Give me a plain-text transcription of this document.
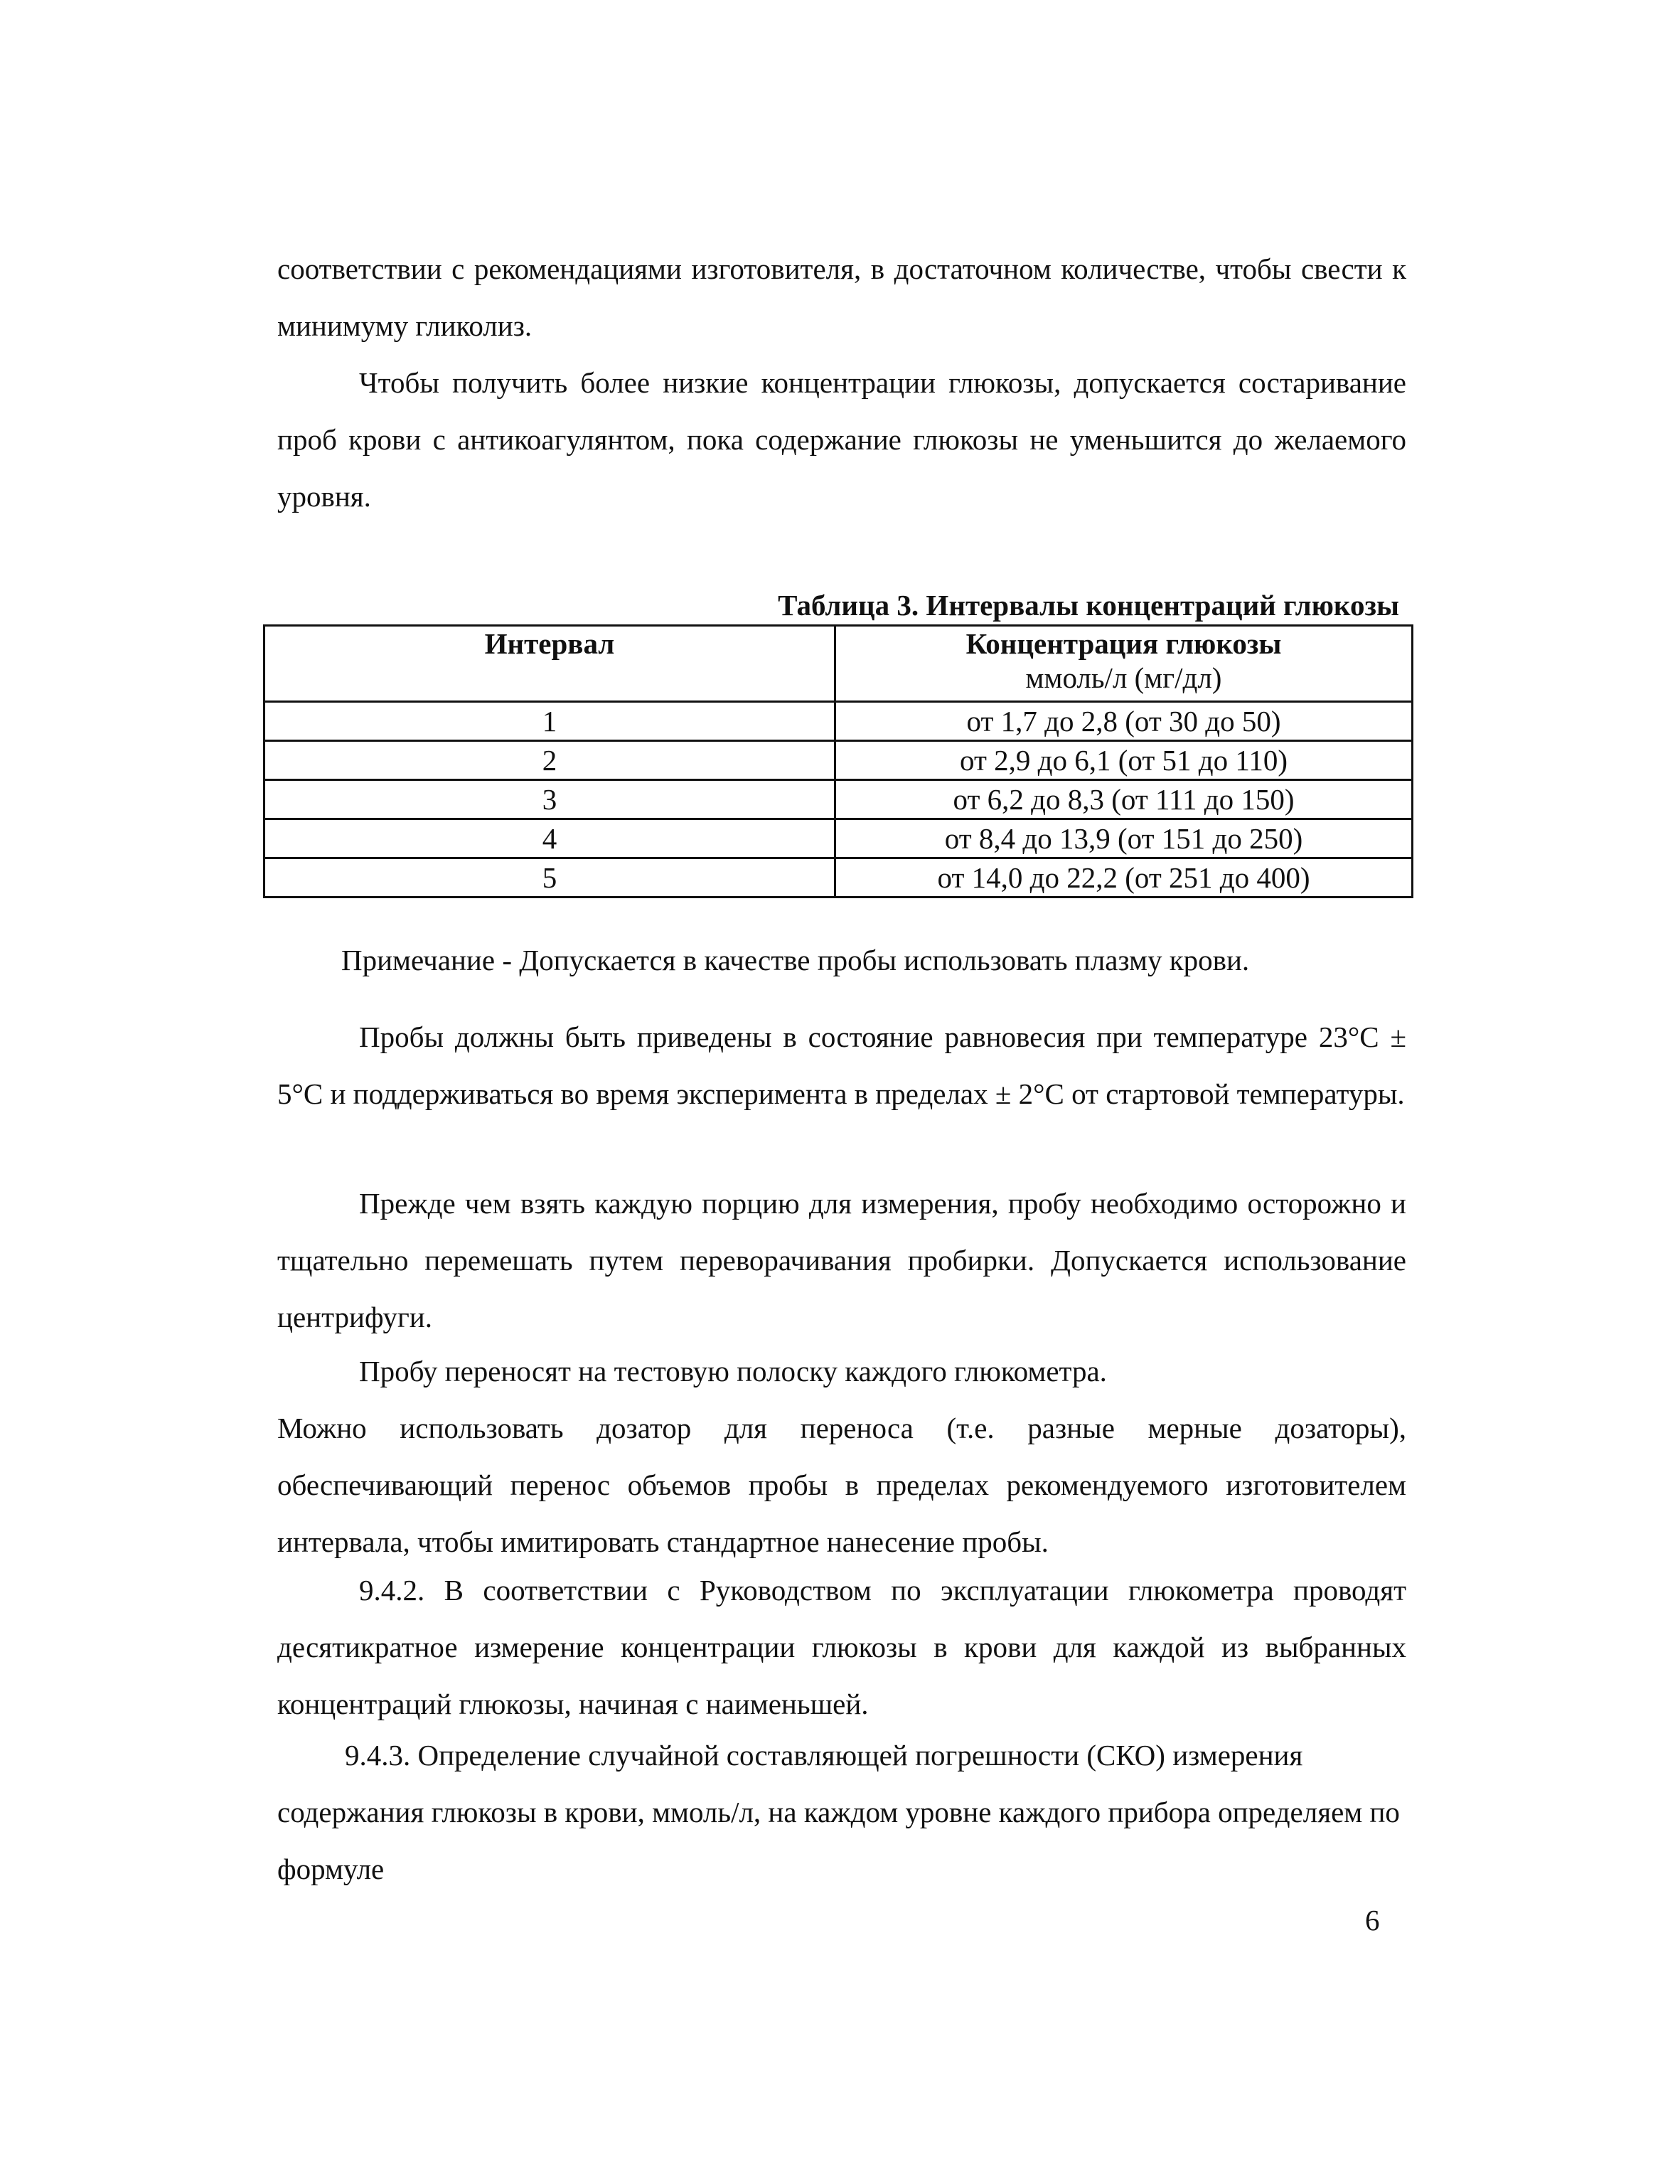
соответствии с рекомендациями изготовителя, в достаточном количестве, чтобы свести к минимуму гликолиз.

Чтобы получить более низкие концентрации глюкозы, допускается состаривание проб крови с антикоагулянтом, пока содержание глюкозы не уменьшится до желаемого уровня.

Таблица 3. Интервалы концентраций глюкозы
Интервал	Концентрация глюкозы
ммоль/л (мг/дл)

1	от 1,7 до 2,8 (от 30 до 50)
2	от 2,9 до 6,1 (от 51 до 110)
3	от 6,2 до 8,3 (от 111 до 150)
4	от 8,4 до 13,9 (от 151 до 250)
5	от 14,0 до 22,2 (от 251 до 400)

Примечание - Допускается в качестве пробы использовать плазму крови.

Пробы должны быть приведены в состояние равновесия при температуре 23°С ± 5°С и поддерживаться во время эксперимента в пределах ± 2°С от стартовой температуры.

Прежде чем взять каждую порцию для измерения, пробу необходимо осторожно и тщательно перемешать путем переворачивания пробирки. Допускается использование центрифуги.

Пробу переносят на тестовую полоску каждого глюкометра.
Можно использовать дозатор для переноса (т.е. разные мерные дозаторы), обеспечивающий перенос объемов пробы в пределах рекомендуемого изготовителем интервала, чтобы имитировать стандартное нанесение пробы.

9.4.2. В соответствии с Руководством по эксплуатации глюкометра проводят десятикратное измерение концентрации глюкозы в крови для каждой из выбранных концентраций глюкозы, начиная с наименьшей.

9.4.3. Определение случайной составляющей погрешности (СКО) измерения содержания глюкозы в крови, ммоль/л, на каждом уровне каждого прибора определяем по формуле

6
